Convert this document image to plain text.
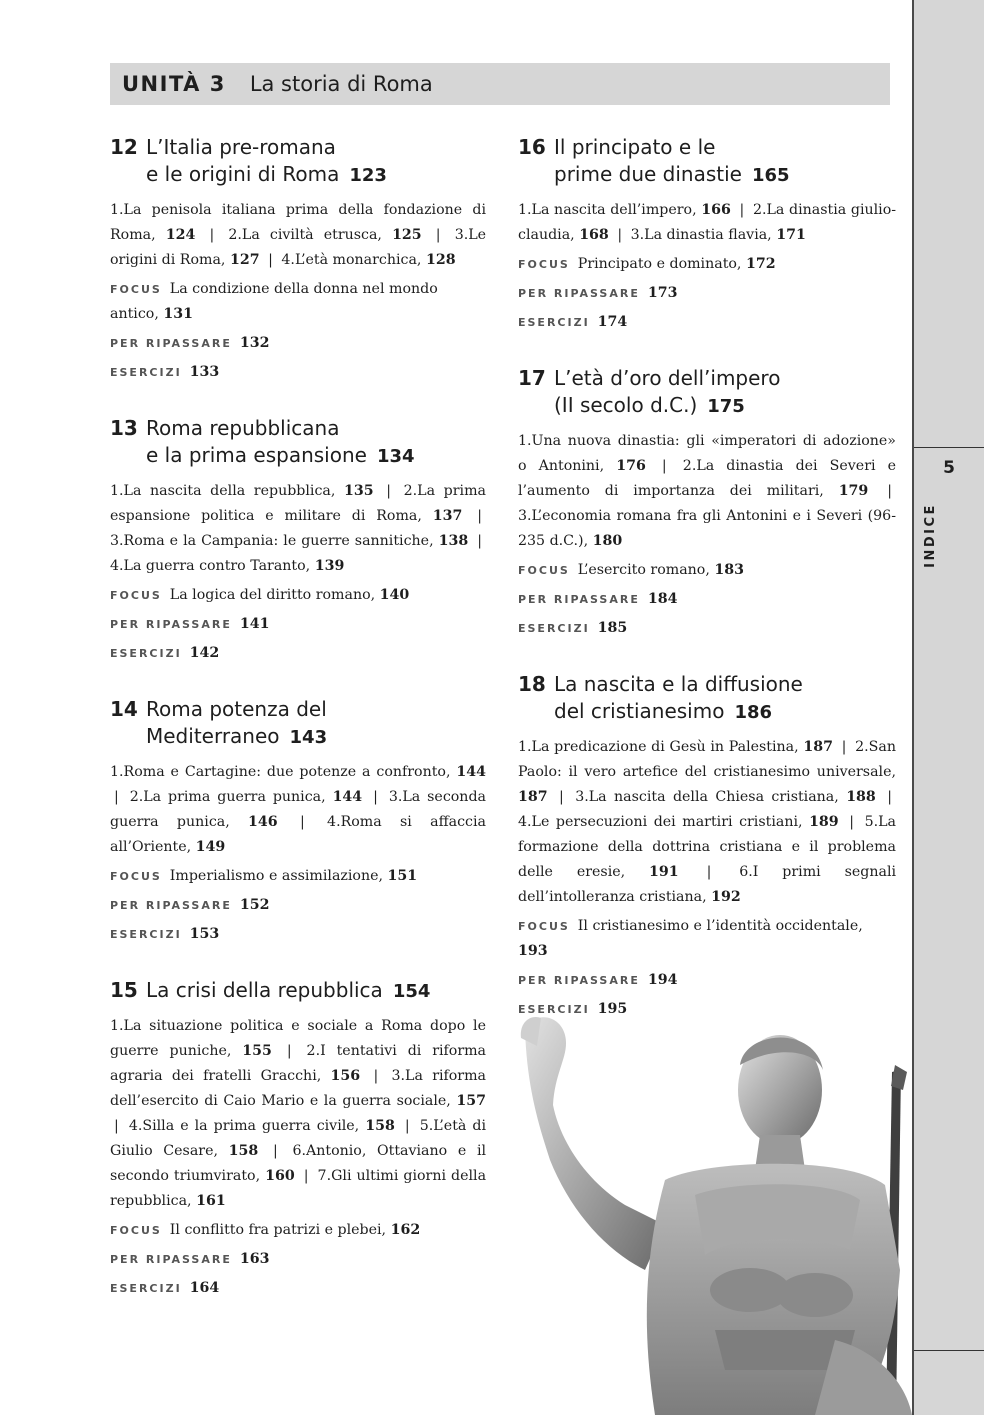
5
INDICE
UNITÀ 3 La storia di Roma
12 L’Italia pre-romana
e le origini di Roma 123

1.La penisola italiana prima della fondazione di Roma, 124 | 2.La civiltà etrusca, 125 | 3.Le origini di Roma, 127 | 4.L’età monarchica, 128

FOCUS La condizione della donna nel mondo antico, 131

PER RIPASSARE 132

ESERCIZI 133

13 Roma repubblicana
e la prima espansione 134

1.La nascita della repubblica, 135 | 2.La prima espansione politica e militare di Roma, 137 | 3.Roma e la Campania: le guerre sannitiche, 138 | 4.La guerra contro Taranto, 139

FOCUS La logica del diritto romano, 140

PER RIPASSARE 141

ESERCIZI 142

14 Roma potenza del
Mediterraneo 143

1.Roma e Cartagine: due potenze a confronto, 144 | 2.La prima guerra punica, 144 | 3.La seconda guerra punica, 146 | 4.Roma si affaccia all’Oriente, 149

FOCUS Imperialismo e assimilazione, 151

PER RIPASSARE 152

ESERCIZI 153

15 La crisi della repubblica 154

1.La situazione politica e sociale a Roma dopo le guerre puniche, 155 | 2.I tentativi di riforma agraria dei fratelli Gracchi, 156 | 3.La riforma dell’esercito di Caio Mario e la guerra sociale, 157 | 4.Silla e la prima guerra civile, 158 | 5.L’età di Giulio Cesare, 158 | 6.Antonio, Ottaviano e il secondo triumvirato, 160 | 7.Gli ultimi giorni della repubblica, 161

FOCUS Il conflitto fra patrizi e plebei, 162

PER RIPASSARE 163

ESERCIZI 164

16 Il principato e le
prime due dinastie 165

1.La nascita dell’impero, 166 | 2.La dinastia giulio-claudia, 168 | 3.La dinastia flavia, 171

FOCUS Principato e dominato, 172

PER RIPASSARE 173

ESERCIZI 174

17 L’età d’oro dell’impero
(II secolo d.C.) 175

1.Una nuova dinastia: gli «imperatori di adozione» o Antonini, 176 | 2.La dinastia dei Severi e l’aumento di importanza dei militari, 179 | 3.L’economia romana fra gli Antonini e i Severi (96-235 d.C.), 180

FOCUS L’esercito romano, 183

PER RIPASSARE 184

ESERCIZI 185

18 La nascita e la diffusione
del cristianesimo 186

1.La predicazione di Gesù in Palestina, 187 | 2.San Paolo: il vero artefice del cristianesimo universale, 187 | 3.La nascita della Chiesa cristiana, 188 | 4.Le persecuzioni dei martiri cristiani, 189 | 5.La formazione della dottrina cristiana e il problema delle eresie, 191 | 6.I primi segnali dell’intolleranza cristiana, 192

FOCUS Il cristianesimo e l’identità occidentale, 193

PER RIPASSARE 194

ESERCIZI 195
